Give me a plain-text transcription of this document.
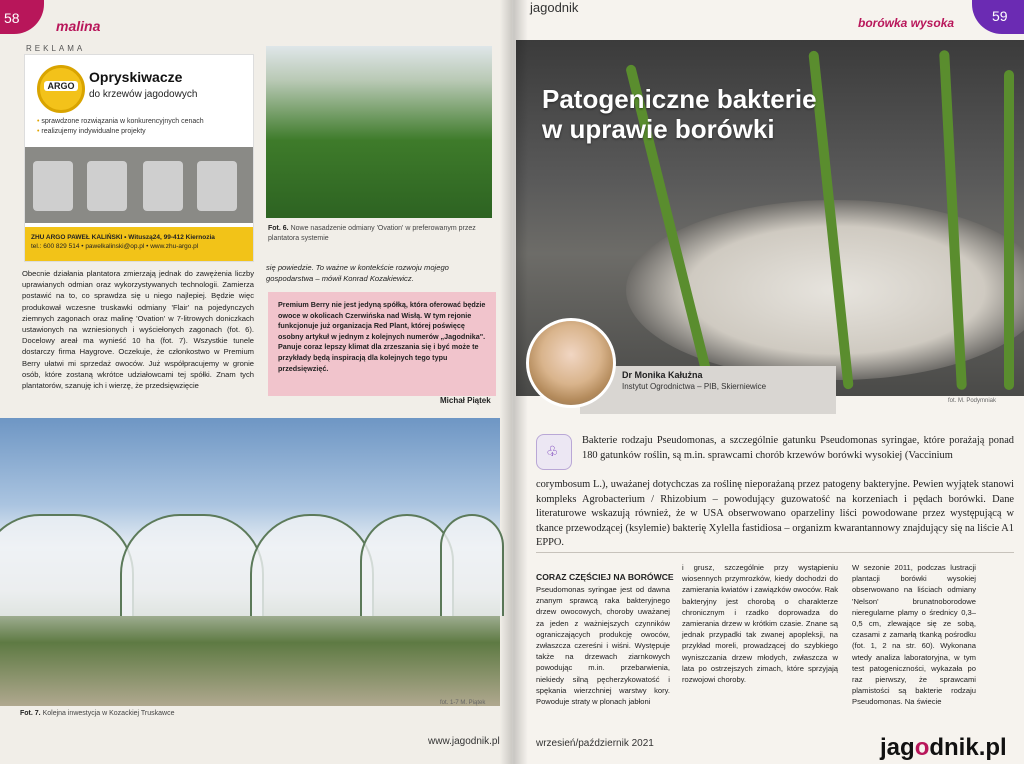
58	malina
REKLAMA
ARGO
Opryskiwacze
do krzewów jagodowych
• sprawdzone rozwiązania w konkurencyjnych cenach
• realizujemy indywidualne projekty
ZHU ARGO PAWEŁ KALIŃSKI • Wituszą24, 99-412 Kiernozia
tel.: 600 829 514 • pawelkalinski@op.pl • www.zhu-argo.pl
Fot. 6. Nowe nasadzenie odmiany 'Ovation' w preferowanym przez plantatora systemie
Obecnie działania plantatora zmierzają jednak do zawężenia liczby uprawianych odmian oraz wykorzystywanych technologii. Zamierza postawić na to, co sprawdza się u niego najlepiej. Będzie więc produkował wczesne truskawki odmiany 'Flair' na pojedynczych ziemnych zagonach oraz malinę 'Ovation' w 7-litrowych doniczkach ustawionych na wzniesionych i wyściełonych zagonach (fot. 6). Docelowy areał ma wynieść 10 ha (fot. 7). Wszystkie tunele dostarczy firma Haygrove. Oczekuje, że członkostwo w Premium Berry ułatwi mi sprzedaż owoców. Już współpracujemy w gronie osób, które zostaną wkrótce udziałowcami tej spółki. Znam tych plantatorów, szanuję ich i wierzę, że przedsięwzięcie
się powiedzie. To ważne w kontekście rozwoju mojego gospodarstwa – mówił Konrad Kozakiewicz.
Premium Berry nie jest jedyną spółką, która oferować będzie owoce w okolicach Czerwińska nad Wisłą. W tym rejonie funkcjonuje już organizacja Red Plant, której poświęcę osobny artykuł w jednym z kolejnych numerów „Jagodnika". Panuje coraz lepszy klimat dla zrzeszania się i być może te przykłady będą inspiracją dla kolejnych tego typu przedsięwzięć.
Michał Piątek
Fot. 7. Kolejna inwestycja w Kozackiej Truskawce
fot. 1-7 M. Piątek
www.jagodnik.pl
jagodnik
borówka wysoka	59
Patogeniczne bakterie
w uprawie borówki
Dr Monika Kałużna
Instytut Ogrodnictwa – PIB, Skierniewice
fot. M. Podymniak
♧
Bakterie rodzaju Pseudomonas, a szczególnie gatunku Pseudomonas syringae, które porażają ponad 180 gatunków roślin, są m.in. sprawcami chorób krzewów borówki wysokiej (Vaccinium
corymbosum L.), uważanej dotychczas za roślinę nieporażaną przez patogeny bakteryjne. Pewien wyjątek stanowi kompleks Agrobacterium / Rhizobium – powodujący guzowatość na korzeniach i pędach borówki. Dane literaturowe wskazują również, że w USA obserwowano oparzeliny liści powodowane przez występującą w tkance przewodzącej (ksylemie) bakterię Xylella fastidiosa – organizm kwarantannowy znajdujący się na liście A1 EPPO.
CORAZ CZĘŚCIEJ NA BORÓWCE
Pseudomonas syringae jest od dawna znanym sprawcą raka bakteryjnego drzew owocowych, choroby uważanej za jeden z ważniejszych czynników ograniczających produkcję owoców, zwłaszcza czereśni i wiśni. Występuje także na drzewach ziarnkowych powodując m.in. przebarwienia, niekiedy silną pęcherzykowatość i spękania wierzchniej warstwy kory. Powoduje straty w plonach jabłoni
i grusz, szczególnie przy wystąpieniu wiosennych przymrozków, kiedy dochodzi do zamierania kwiatów i zawiązków owoców. Rak bakteryjny jest chorobą o charakterze chronicznym i rzadko doprowadza do zamierania drzew w krótkim czasie. Znane są jednak przypadki tak zwanej apopleksji, na przykład moreli, prowadzącej do szybkiego wyniszczania drzew młodych, zwłaszcza w lata po ostrzejszych zimach, które sprzyjają rozwojowi choroby.
W sezonie 2011, podczas lustracji plantacji borówki wysokiej obserwowano na liściach odmiany 'Nelson' brunatnoborodowe nieregularne plamy o średnicy 0,3–0,5 cm, zlewające się ze sobą, czasami z zamarłą tkanką pośrodku (fot. 1, 2 na str. 60). Wykonana wtedy analiza laboratoryjna, w tym test patogeniczności, wykazała po raz pierwszy, że sprawcami plamistości są bakterie rodzaju Pseudomonas. Na świecie
wrzesień/październik 2021	jagodnik.pl
